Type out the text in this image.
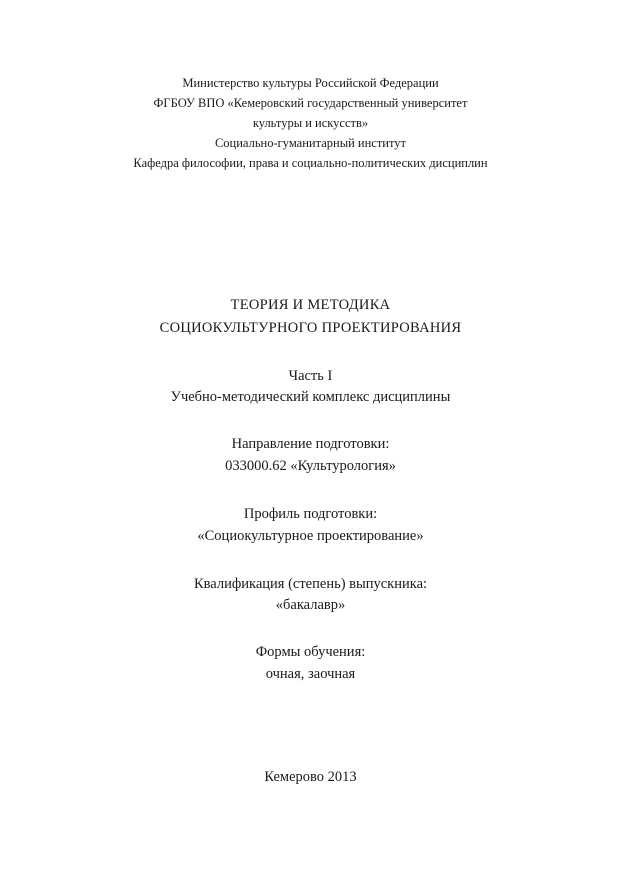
Министерство культуры Российской Федерации
ФГБОУ ВПО «Кемеровский государственный университет
культуры и искусств»
Социально-гуманитарный институт
Кафедра философии, права и социально-политических дисциплин
ТЕОРИЯ И МЕТОДИКА
СОЦИОКУЛЬТУРНОГО ПРОЕКТИРОВАНИЯ
Часть I
Учебно-методический комплекс дисциплины
Направление подготовки:
033000.62 «Культурология»
Профиль подготовки:
«Социокультурное проектирование»
Квалификация (степень) выпускника:
«бакалавр»
Формы обучения:
очная, заочная
Кемерово 2013
